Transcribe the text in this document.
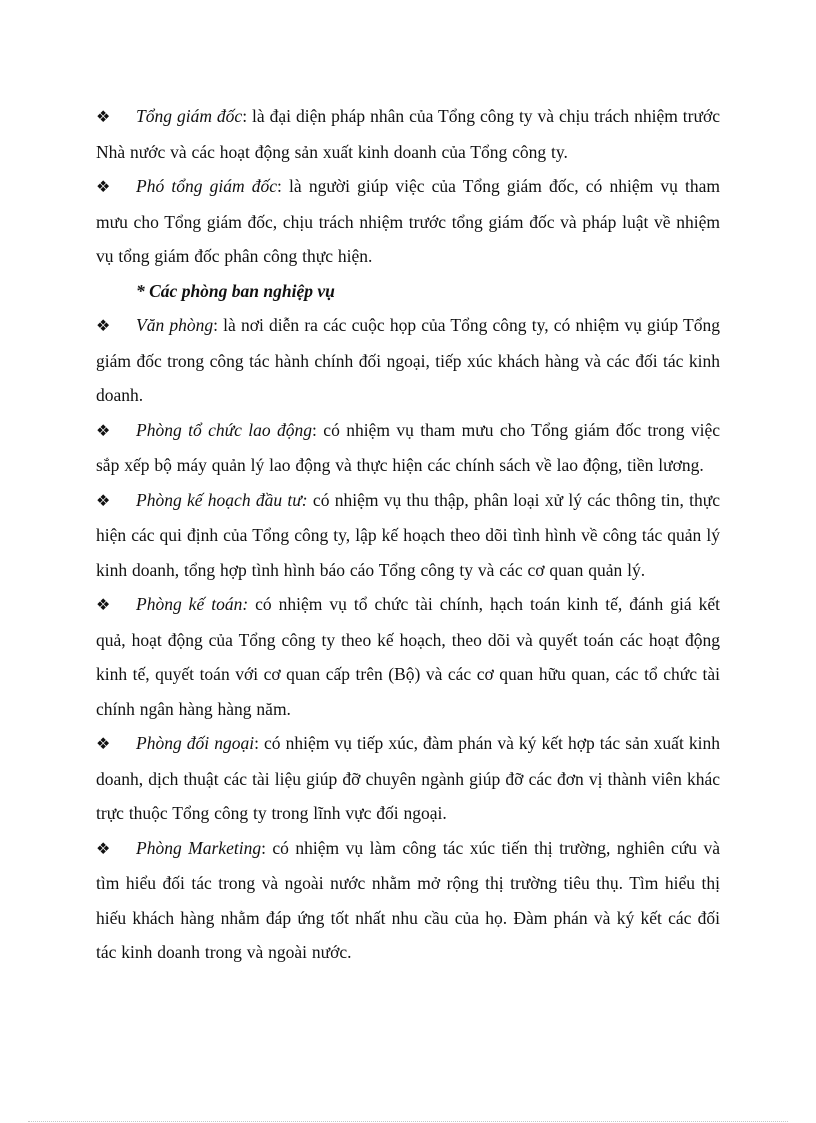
❖ Tổng giám đốc: là đại diện pháp nhân của Tổng công ty và chịu trách nhiệm trước Nhà nước và các hoạt động sản xuất kinh doanh của Tổng công ty.

❖ Phó tổng giám đốc: là người giúp việc của Tổng giám đốc, có nhiệm vụ tham mưu cho Tổng giám đốc, chịu trách nhiệm trước tổng giám đốc và pháp luật về nhiệm vụ tổng giám đốc phân công thực hiện.

* Các phòng ban nghiệp vụ

❖ Văn phòng: là nơi diễn ra các cuộc họp của Tổng công ty, có nhiệm vụ giúp Tổng giám đốc trong công tác hành chính đối ngoại, tiếp xúc khách hàng và các đối tác kinh doanh.

❖ Phòng tổ chức lao động: có nhiệm vụ tham mưu cho Tổng giám đốc trong việc sắp xếp bộ máy quản lý lao động và thực hiện các chính sách về lao động, tiền lương.

❖ Phòng kế hoạch đầu tư: có nhiệm vụ thu thập, phân loại xử lý các thông tin, thực hiện các qui định của Tổng công ty, lập kế hoạch theo dõi tình hình về công tác quản lý kinh doanh, tổng hợp tình hình báo cáo Tổng công ty và các cơ quan quản lý.

❖ Phòng kế toán: có nhiệm vụ tổ chức tài chính, hạch toán kinh tế, đánh giá kết quả, hoạt động của Tổng công ty theo kế hoạch, theo dõi và quyết toán các hoạt động kinh tế, quyết toán với cơ quan cấp trên (Bộ) và các cơ quan hữu quan, các tổ chức tài chính ngân hàng hàng năm.

❖ Phòng đối ngoại: có nhiệm vụ tiếp xúc, đàm phán và ký kết hợp tác sản xuất kinh doanh, dịch thuật các tài liệu giúp đỡ chuyên ngành giúp đỡ các đơn vị thành viên khác trực thuộc Tổng công ty trong lĩnh vực đối ngoại.

❖ Phòng Marketing: có nhiệm vụ làm công tác xúc tiến thị trường, nghiên cứu và tìm hiểu đối tác trong và ngoài nước nhằm mở rộng thị trường tiêu thụ. Tìm hiểu thị hiếu khách hàng nhằm đáp ứng tốt nhất nhu cầu của họ. Đàm phán và ký kết các đối tác kinh doanh trong và ngoài nước.
